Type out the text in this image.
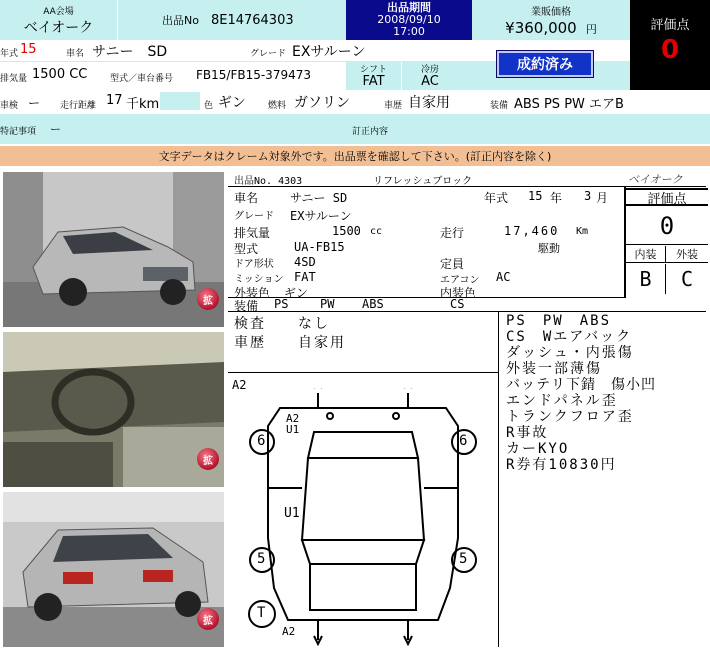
AA会場
ベイオーク	出品No 8E14764303
出品期間
2008/09/10
17:00
業販価格
¥360,000 円	評価点
0
年式 15	車名 サニー　SD	グレード EXサルーン
排気量 1500 CC	型式／車台番号 FB15/FB15-379473	シフト
FAT
冷房
AC
成約済み
車検 ー 走行距離 17 千km	色 ギン 燃料 ガソリン	車歴 自家用	装備 ABS PS PW エアB
特記事項 ー	訂正内容
文字データはクレーム対象外です。出品票を確認して下さい。(訂正内容を除く)
拡
拡
拡
出品No. 4303	リフレッシュブロック	ベイオーク
車名	サニー SD	年式 15 年 3 月
グレード EXサルーン
排気量	1500 cc	走行	17,460 Km
駆動
型式	UA-FB15
ドア形状 4SD	定員
ミッション FAT	エアコン AC
外装色 ギン	内装色
装備 PS	PW ABS	CS
評価点
0
内装	外装
B	C
検査 なし
車歴 自家用
PS　PW　ABS
CS　Wエアバック
ダッシュ・内張傷
外装一部薄傷
バッテリ下錆　傷小凹
エンドパネル歪
トランクフロア歪
R事故
カーKYO
R券有10830円
A2
A2
U1
U1
6	6
5	5
T
A2
